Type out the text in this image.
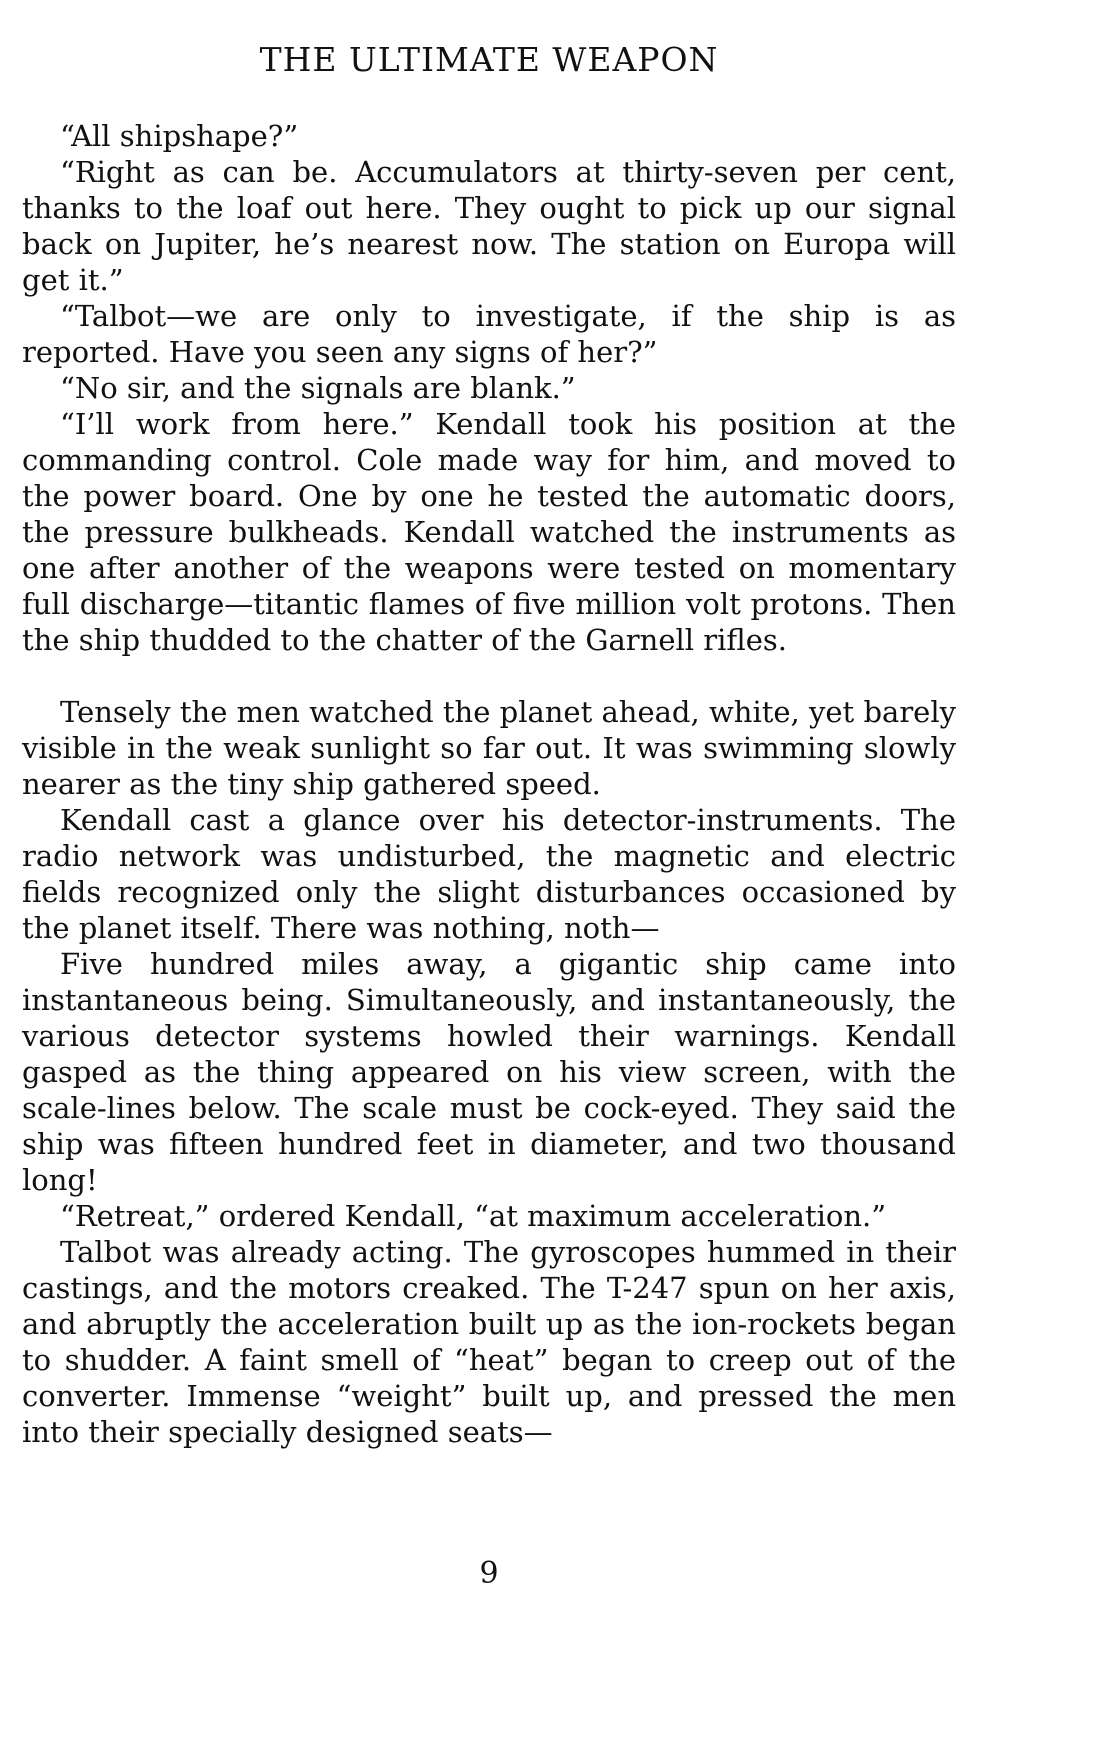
THE ULTIMATE WEAPON

“All shipshape?”

“Right as can be. Accumulators at thirty-seven per cent, thanks to the loaf out here. They ought to pick up our signal back on Jupiter, he’s nearest now. The station on Europa will get it.”

“Talbot—we are only to investigate, if the ship is as reported. Have you seen any signs of her?”

“No sir, and the signals are blank.”

“I’ll work from here.” Kendall took his position at the commanding control. Cole made way for him, and moved to the power board. One by one he tested the automatic doors, the pressure bulkheads. Kendall watched the instruments as one after another of the weapons were tested on momentary full discharge—titantic flames of five million volt protons. Then the ship thudded to the chatter of the Garnell rifles.

Tensely the men watched the planet ahead, white, yet barely visible in the weak sunlight so far out. It was swimming slowly nearer as the tiny ship gathered speed.

Kendall cast a glance over his detector-instruments. The radio network was undisturbed, the magnetic and electric fields recognized only the slight disturbances occasioned by the planet itself. There was nothing, noth—

Five hundred miles away, a gigantic ship came into instantaneous being. Simultaneously, and instantaneously, the various detector systems howled their warnings. Kendall gasped as the thing appeared on his view screen, with the scale-lines below. The scale must be cock-eyed. They said the ship was fifteen hundred feet in diameter, and two thousand long!

“Retreat,” ordered Kendall, “at maximum acceleration.”

Talbot was already acting. The gyroscopes hummed in their castings, and the motors creaked. The T-247 spun on her axis, and abruptly the acceleration built up as the ion-rockets began to shudder. A faint smell of “heat” began to creep out of the converter. Immense “weight” built up, and pressed the men into their specially designed seats—

9
